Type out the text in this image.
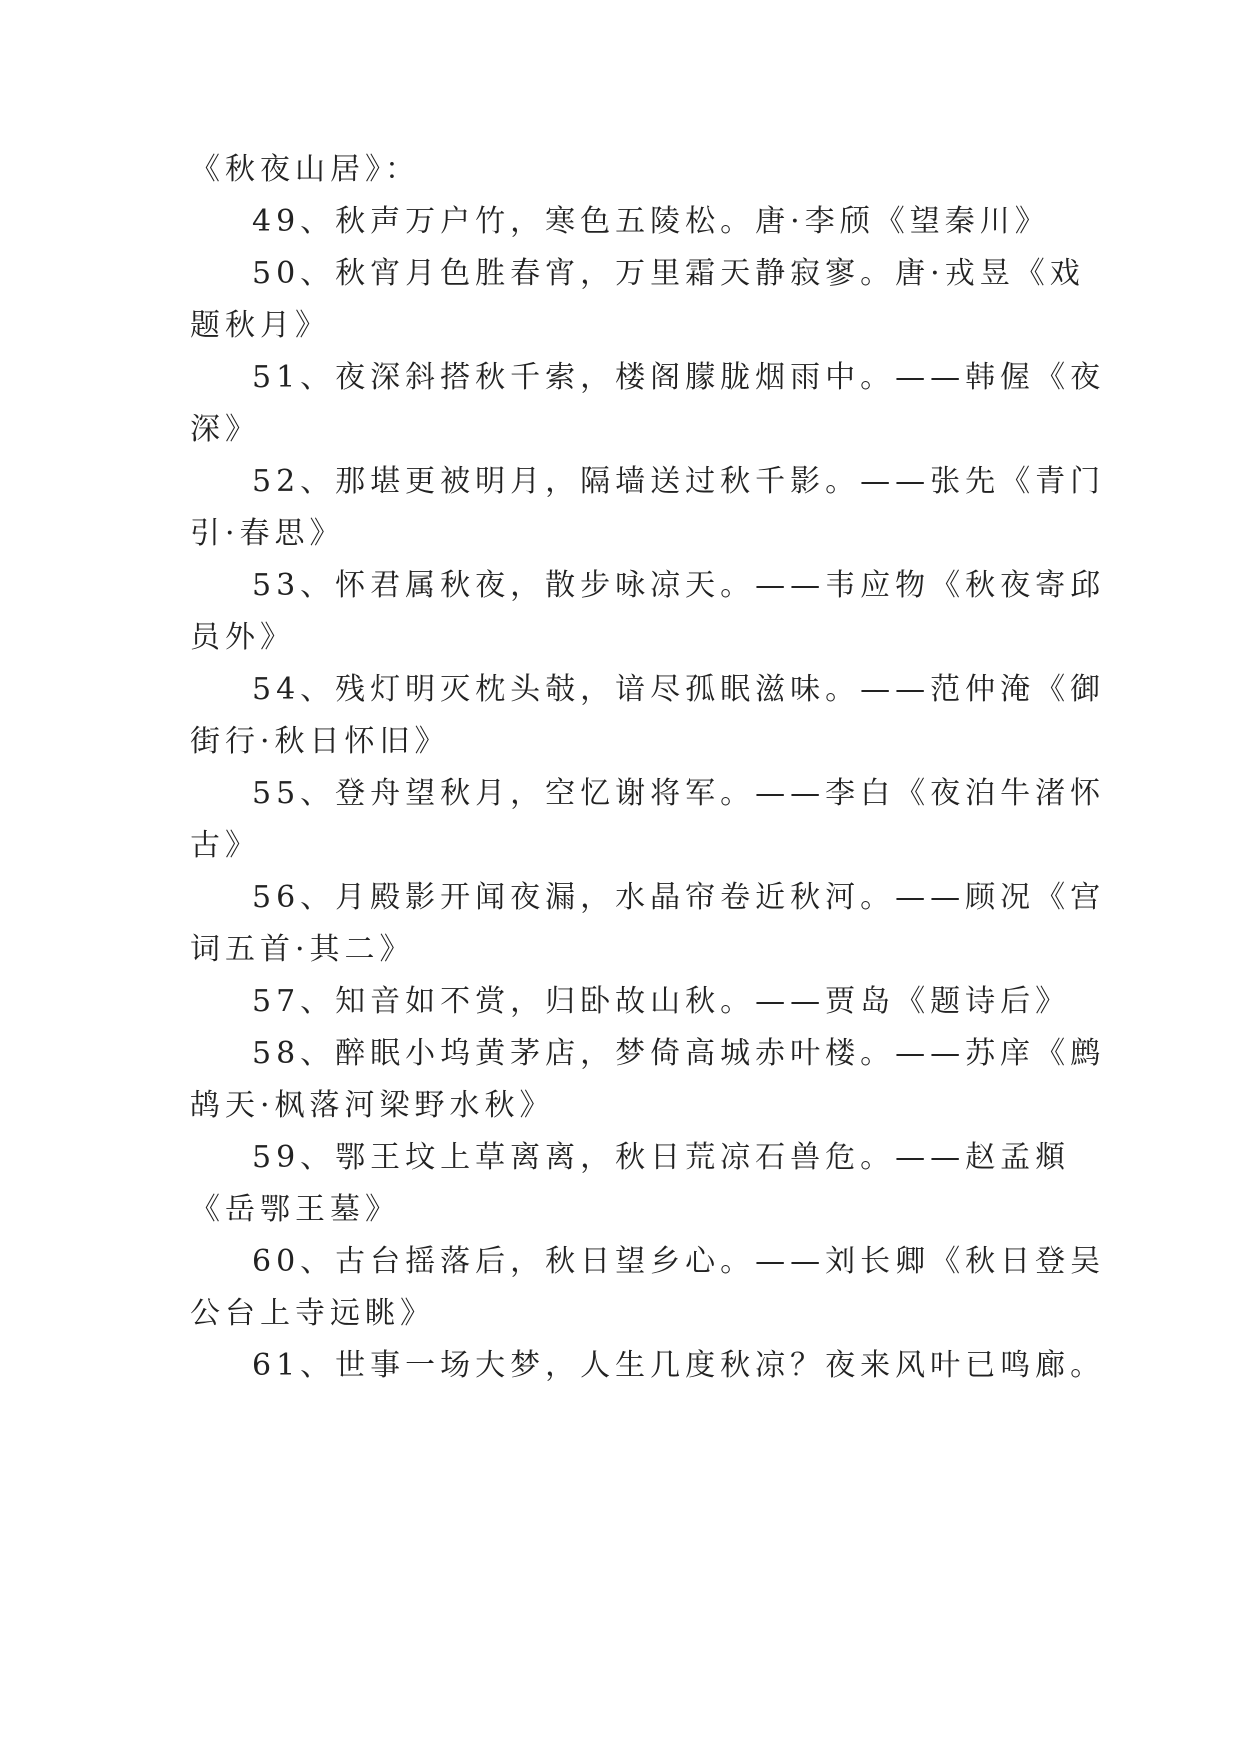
《秋夜山居》：
49、秋声万户竹，寒色五陵松。唐·李颀《望秦川》
50、秋宵月色胜春宵，万里霜天静寂寥。唐·戎昱《戏
题秋月》
51、夜深斜搭秋千索，楼阁朦胧烟雨中。——韩偓《夜
深》
52、那堪更被明月，隔墙送过秋千影。——张先《青门
引·春思》
53、怀君属秋夜，散步咏凉天。——韦应物《秋夜寄邱
员外》
54、残灯明灭枕头攲，谙尽孤眠滋味。——范仲淹《御
街行·秋日怀旧》
55、登舟望秋月，空忆谢将军。——李白《夜泊牛渚怀
古》
56、月殿影开闻夜漏，水晶帘卷近秋河。——顾况《宫
词五首·其二》
57、知音如不赏，归卧故山秋。——贾岛《题诗后》
58、醉眠小坞黄茅店，梦倚高城赤叶楼。——苏庠《鹧
鸪天·枫落河梁野水秋》
59、鄂王坟上草离离，秋日荒凉石兽危。——赵孟頫
《岳鄂王墓》
60、古台摇落后，秋日望乡心。——刘长卿《秋日登吴
公台上寺远眺》
61、世事一场大梦，人生几度秋凉？夜来风叶已鸣廊。
